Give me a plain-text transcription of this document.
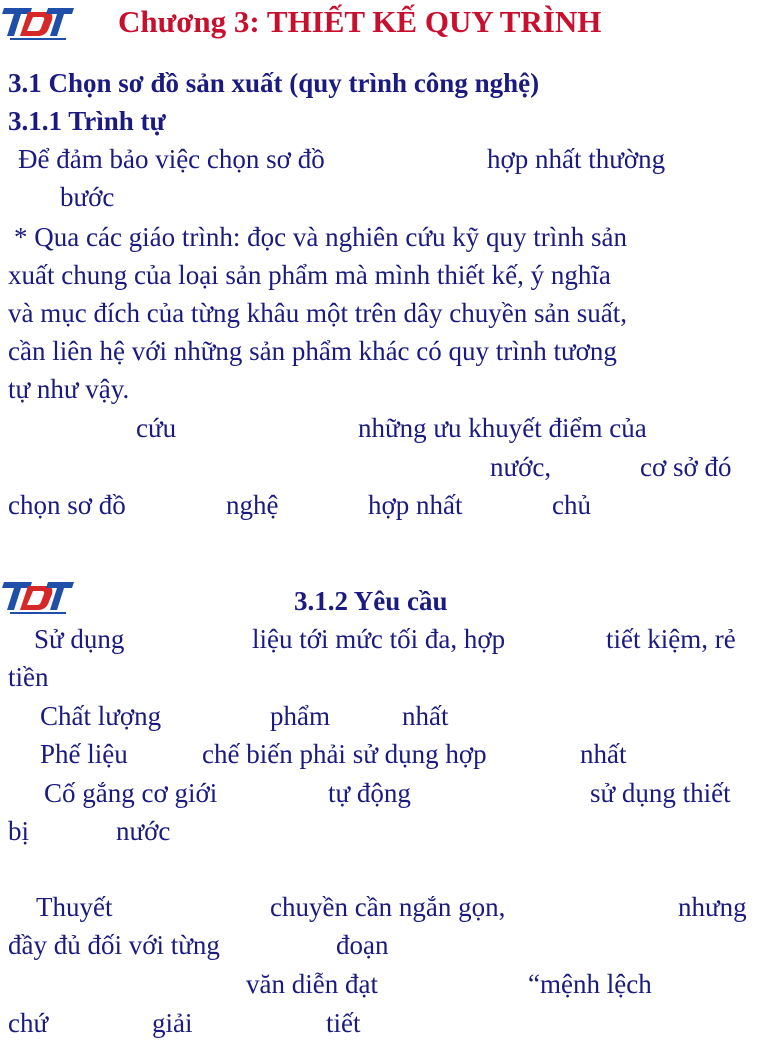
Chương 3: THIẾT KẾ QUY TRÌNH

3.1 Chọn sơ đồ sản xuất (quy trình công nghệ)

3.1.1 Trình tự

Để đảm bảo việc chọn sơ đồ	hợp nhất thường

bước

* Qua các giáo trình: đọc và nghiên cứu kỹ quy trình sản

xuất chung của loại sản phẩm mà mình thiết kế, ý nghĩa

và mục đích của từng khâu một trên dây chuyền sản suất,

cần liên hệ với những sản phẩm khác có quy trình tương

tự như vậy.

cứu	những ưu khuyết điểm của
nước,	cơ sở đó
chọn sơ đồ	nghệ	hợp nhất	chủ

3.1.2 Yêu cầu

Sử dụng	liệu tới mức tối đa, hợp	tiết kiệm, rẻ

tiền

Chất lượng	phẩm	nhất
Phế liệu	chế biến phải sử dụng hợp	nhất
Cố gắng cơ giới	tự động	sử dụng thiết
bị	nước
Thuyết	chuyền cần ngắn gọn,	nhưng
đầy đủ đối với từng	đoạn
văn diễn đạt	“mệnh lệch
chứ	giải	tiết
